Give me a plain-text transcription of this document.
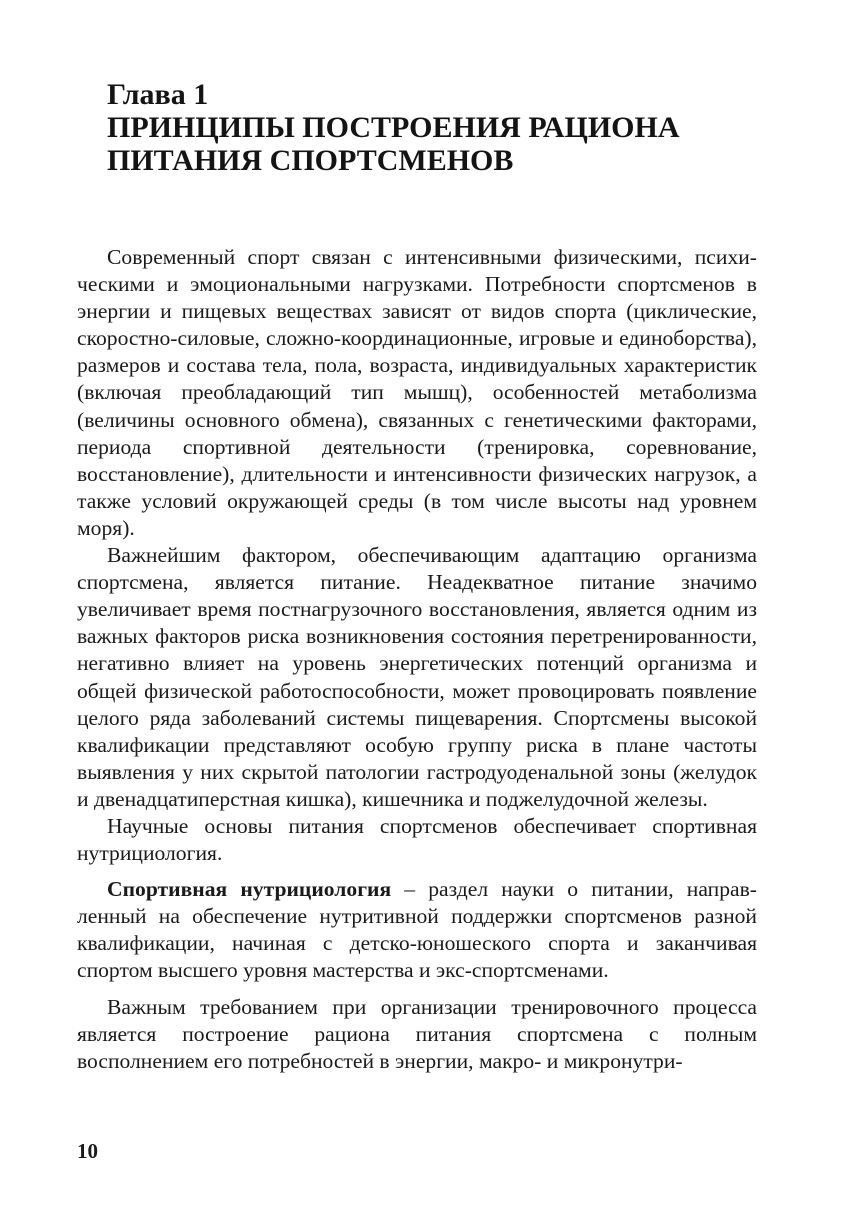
Глава 1
ПРИНЦИПЫ ПОСТРОЕНИЯ РАЦИОНА
ПИТАНИЯ СПОРТСМЕНОВ

Современный спорт связан с интенсивными физическими, психическими и эмоциональными нагрузками. Потребности спортсменов в энергии и пищевых веществах зависят от видов спорта (циклические, скоростно-силовые, сложно-координационные, игровые и единоборства), размеров и состава тела, пола, возраста, индивидуальных характеристик (включая преобладающий тип мышц), особенностей метаболизма (величины основного обмена), связанных с генетическими факторами, периода спортивной деятельности (тренировка, соревнование, восстановление), длительности и интенсивности физических нагрузок, а также условий окружающей среды (в том числе высоты над уровнем моря).

Важнейшим фактором, обеспечивающим адаптацию организма спортсмена, является питание. Неадекватное питание значимо увеличивает время постнагрузочного восстановления, является одним из важных факторов риска возникновения состояния перетренированности, негативно влияет на уровень энергетических потенций организма и общей физической работоспособности, может провоцировать появление целого ряда заболеваний системы пищеварения. Спортсмены высокой квалификации представляют особую группу риска в плане частоты выявления у них скрытой патологии гастродуоденальной зоны (желудок и двенадцатиперстная кишка), кишечника и поджелудочной железы.

Научные основы питания спортсменов обеспечивает спортивная нутрициология.

Спортивная нутрициология – раздел науки о питании, направленный на обеспечение нутритивной поддержки спортсменов разной квалификации, начиная с детско-юношеского спорта и заканчивая спортом высшего уровня мастерства и экс-спортсменами.

Важным требованием при организации тренировочного процесса является построение рациона питания спортсмена с полным восполнением его потребностей в энергии, макро- и микронутри-

10
